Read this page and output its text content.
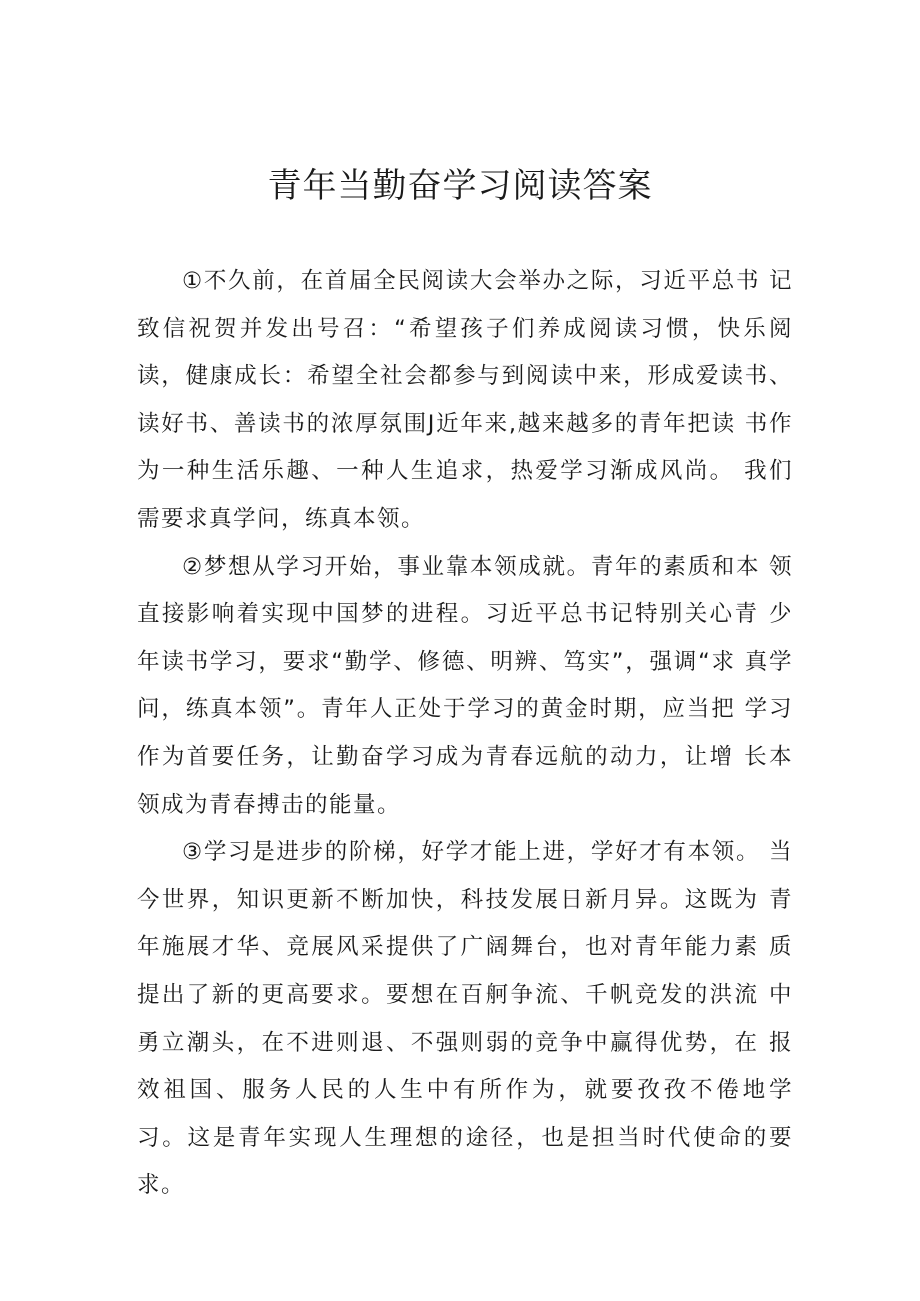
青年当勤奋学习阅读答案

①不久前，在首届全民阅读大会举办之际，习近平总书 记致信祝贺并发出号召：“希望孩子们养成阅读习惯，快乐阅 读，健康成长：希望全社会都参与到阅读中来，形成爱读书、 读好书、善读书的浓厚氛围J近年来,越来越多的青年把读 书作为一种生活乐趣、一种人生追求，热爱学习渐成风尚。 我们需要求真学问，练真本领。

②梦想从学习开始，事业靠本领成就。青年的素质和本 领直接影响着实现中国梦的进程。习近平总书记特别关心青 少年读书学习，要求“勤学、修德、明辨、笃实”，强调“求 真学问，练真本领”。青年人正处于学习的黄金时期，应当把 学习作为首要任务，让勤奋学习成为青春远航的动力，让增 长本领成为青春搏击的能量。

③学习是进步的阶梯，好学才能上进，学好才有本领。 当今世界，知识更新不断加快，科技发展日新月异。这既为 青年施展才华、竞展风采提供了广阔舞台，也对青年能力素 质提出了新的更高要求。要想在百舸争流、千帆竞发的洪流 中勇立潮头，在不进则退、不强则弱的竞争中赢得优势，在 报效祖国、服务人民的人生中有所作为，就要孜孜不倦地学 习。这是青年实现人生理想的途径，也是担当时代使命的要 求。
